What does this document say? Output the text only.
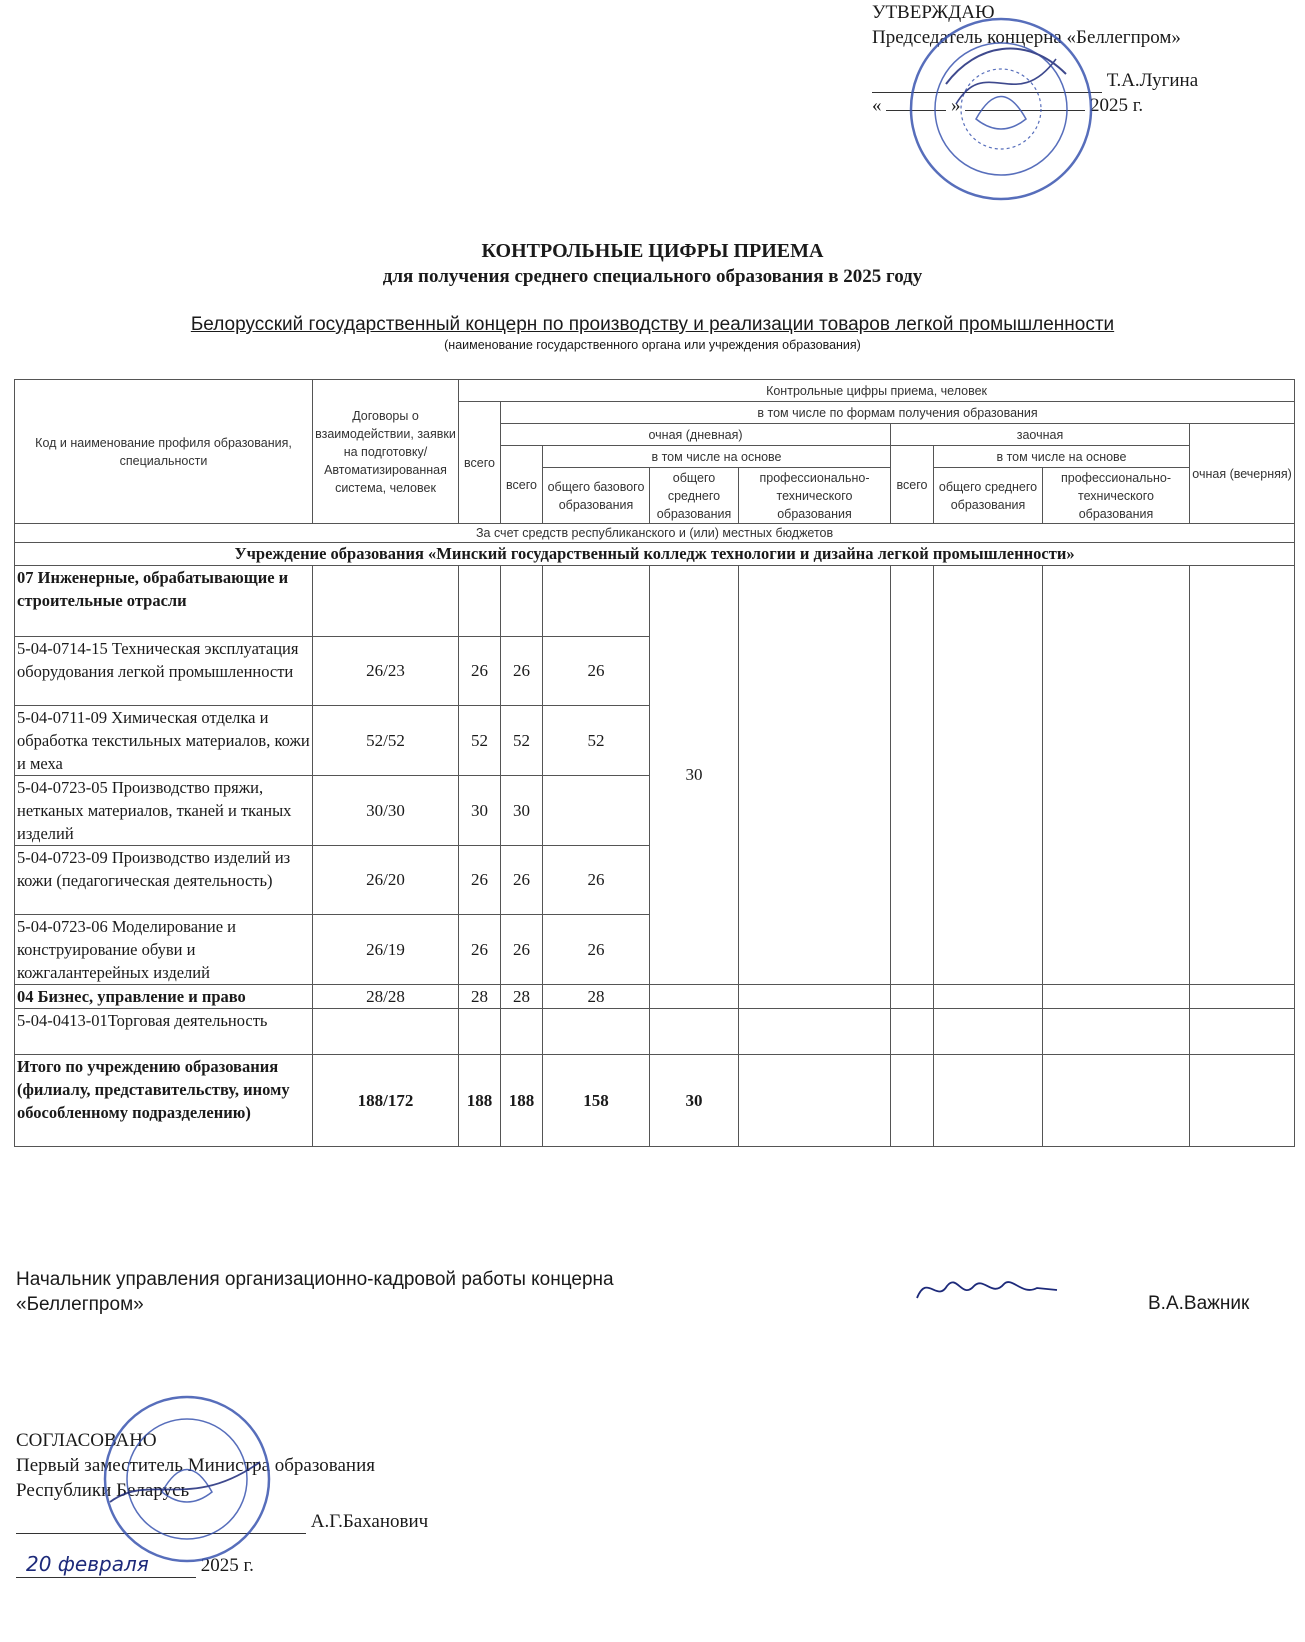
УТВЕРЖДАЮ
Председатель концерна «Беллегпром»
Т.А.Лугина
«	»	2025 г.
КОНТРОЛЬНЫЕ ЦИФРЫ ПРИЕМА
для получения среднего специального образования в 2025 году
Белорусский государственный концерн по производству и реализации товаров легкой промышленности
(наименование государственного органа или учреждения образования)
Код и наименование профиля образования, специальности	Договоры о взаимодействии, заявки на подготовку/ Автоматизированная система, человек	Контрольные цифры приема, человек								
		всего	в том числе по формам получения образования							
			очная (дневная)				заочная			очная (вечерняя)
			всего	в том числе на основе			всего	в том числе на основе		
				общего базового образования	общего среднего образования	профессионально-технического образования		общего среднего образования	профессионально-технического образования	
За счет средств республиканского и (или) местных бюджетов										
Учреждение образования «Минский государственный колледж технологии и дизайна легкой промышленности»										
07 Инженерные, обрабатывающие и строительные отрасли					30					
5-04-0714-15 Техническая эксплуатация оборудования легкой промышленности	26/23	26	26	26						
5-04-0711-09 Химическая отделка и обработка текстильных материалов, кожи и меха	52/52	52	52	52						
5-04-0723-05 Производство пряжи, нетканых материалов, тканей и тканых изделий	30/30	30	30							
5-04-0723-09 Производство изделий из кожи (педагогическая деятельность)	26/20	26	26	26						
5-04-0723-06 Моделирование и конструирование обуви и кожгалантерейных изделий	26/19	26	26	26						
04 Бизнес, управление и право	28/28	28	28	28						
5-04-0413-01Торговая деятельность										
Итого по учреждению образования (филиалу, представительству, иному обособленному подразделению)	188/172	188	188	158	30					
Начальник управления организационно-кадровой работы концерна
«Беллегпром»	В.А.Важник
СОГЛАСОВАНО
Первый заместитель Министра образования
Республики Беларусь
А.Г.Баханович
20 февраля	2025 г.
